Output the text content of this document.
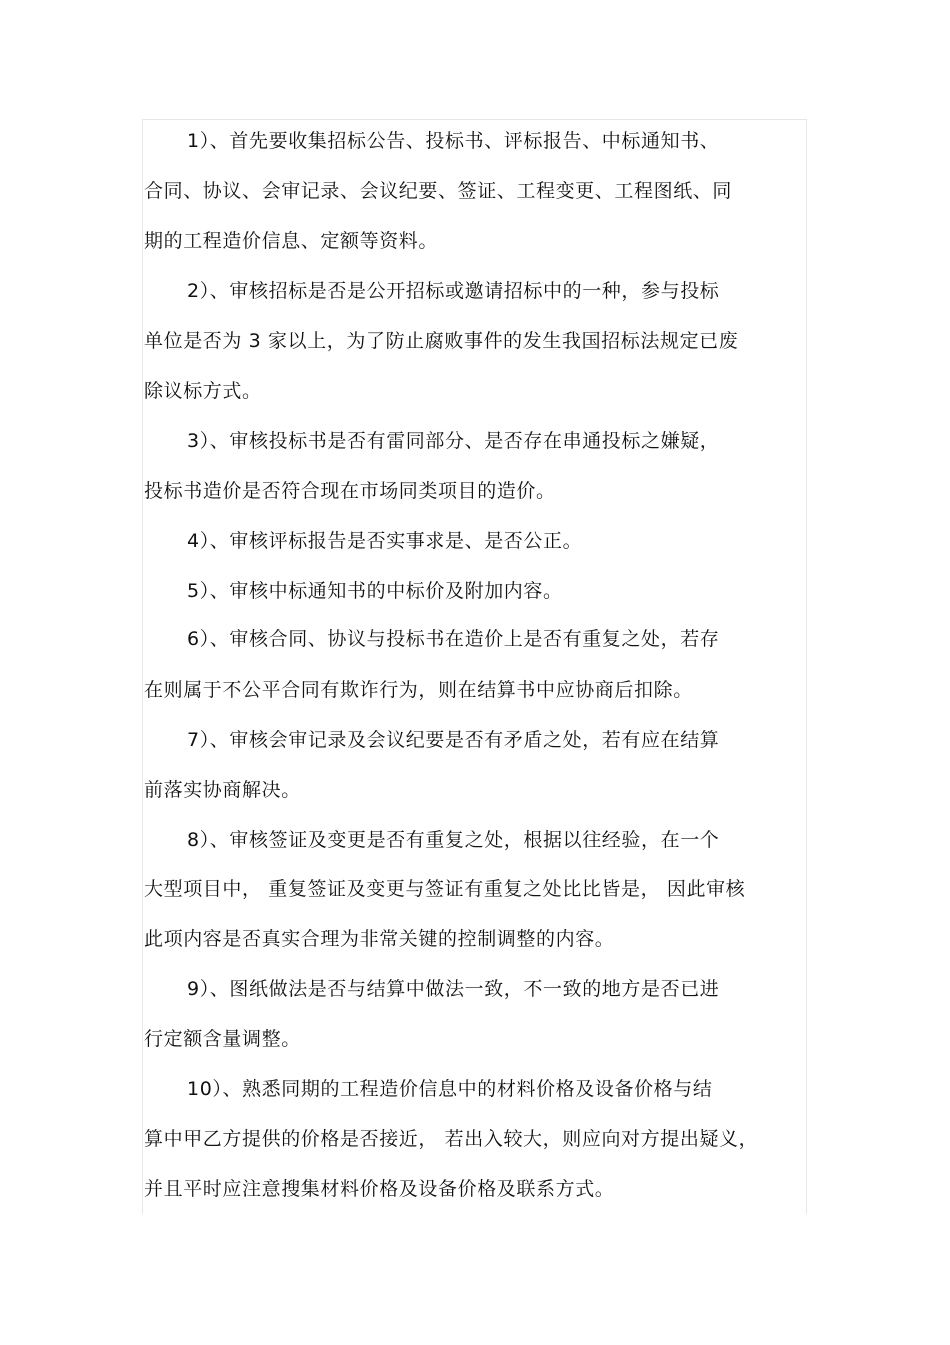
1）、首先要收集招标公告、投标书、评标报告、中标通知书、
合同、协议、会审记录、会议纪要、签证、工程变更、工程图纸、同
期的工程造价信息、定额等资料。
2）、审核招标是否是公开招标或邀请招标中的一种，参与投标
单位是否为 3 家以上，为了防止腐败事件的发生我国招标法规定已废
除议标方式。
3）、审核投标书是否有雷同部分、是否存在串通投标之嫌疑，
投标书造价是否符合现在市场同类项目的造价。
4）、审核评标报告是否实事求是、是否公正。
5）、审核中标通知书的中标价及附加内容。
6）、审核合同、协议与投标书在造价上是否有重复之处，若存
在则属于不公平合同有欺诈行为，则在结算书中应协商后扣除。
7）、审核会审记录及会议纪要是否有矛盾之处，若有应在结算
前落实协商解决。
8）、审核签证及变更是否有重复之处，根据以往经验，在一个
大型项目中， 重复签证及变更与签证有重复之处比比皆是， 因此审核
此项内容是否真实合理为非常关键的控制调整的内容。
9）、图纸做法是否与结算中做法一致，不一致的地方是否已进
行定额含量调整。
10）、熟悉同期的工程造价信息中的材料价格及设备价格与结
算中甲乙方提供的价格是否接近， 若出入较大，则应向对方提出疑义，
并且平时应注意搜集材料价格及设备价格及联系方式。
